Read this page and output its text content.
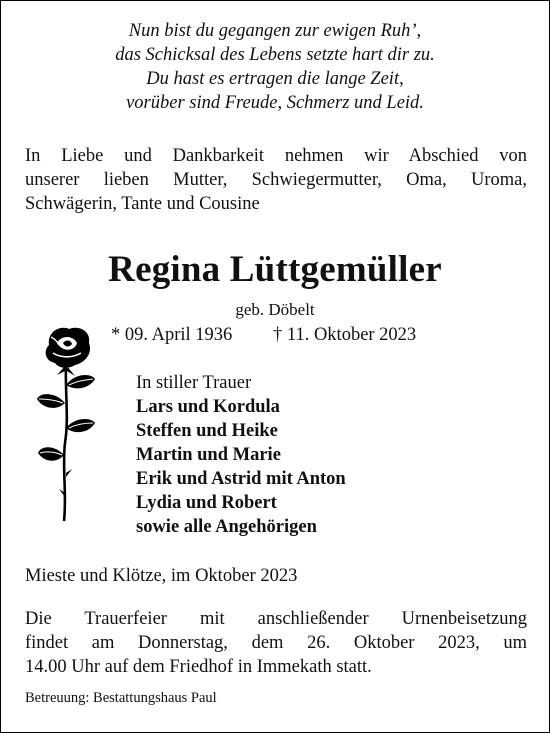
Nun bist du gegangen zur ewigen Ruh’,
das Schicksal des Lebens setzte hart dir zu.
Du hast es ertragen die lange Zeit,
vorüber sind Freude, Schmerz und Leid.
In Liebe und Dankbarkeit nehmen wir Abschied von
unserer lieben Mutter, Schwiegermutter, Oma, Uroma,
Schwägerin, Tante und Cousine
Regina Lüttgemüller
geb. Döbelt
* 09. April 1936 † 11. Oktober 2023
In stiller Trauer
Lars und Kordula
Steffen und Heike
Martin und Marie
Erik und Astrid mit Anton
Lydia und Robert
sowie alle Angehörigen
Mieste und Klötze, im Oktober 2023
Die Trauerfeier mit anschließender Urnenbeisetzung
findet am Donnerstag, dem 26. Oktober 2023, um
14.00 Uhr auf dem Friedhof in Immekath statt.
Betreuung: Bestattungshaus Paul
